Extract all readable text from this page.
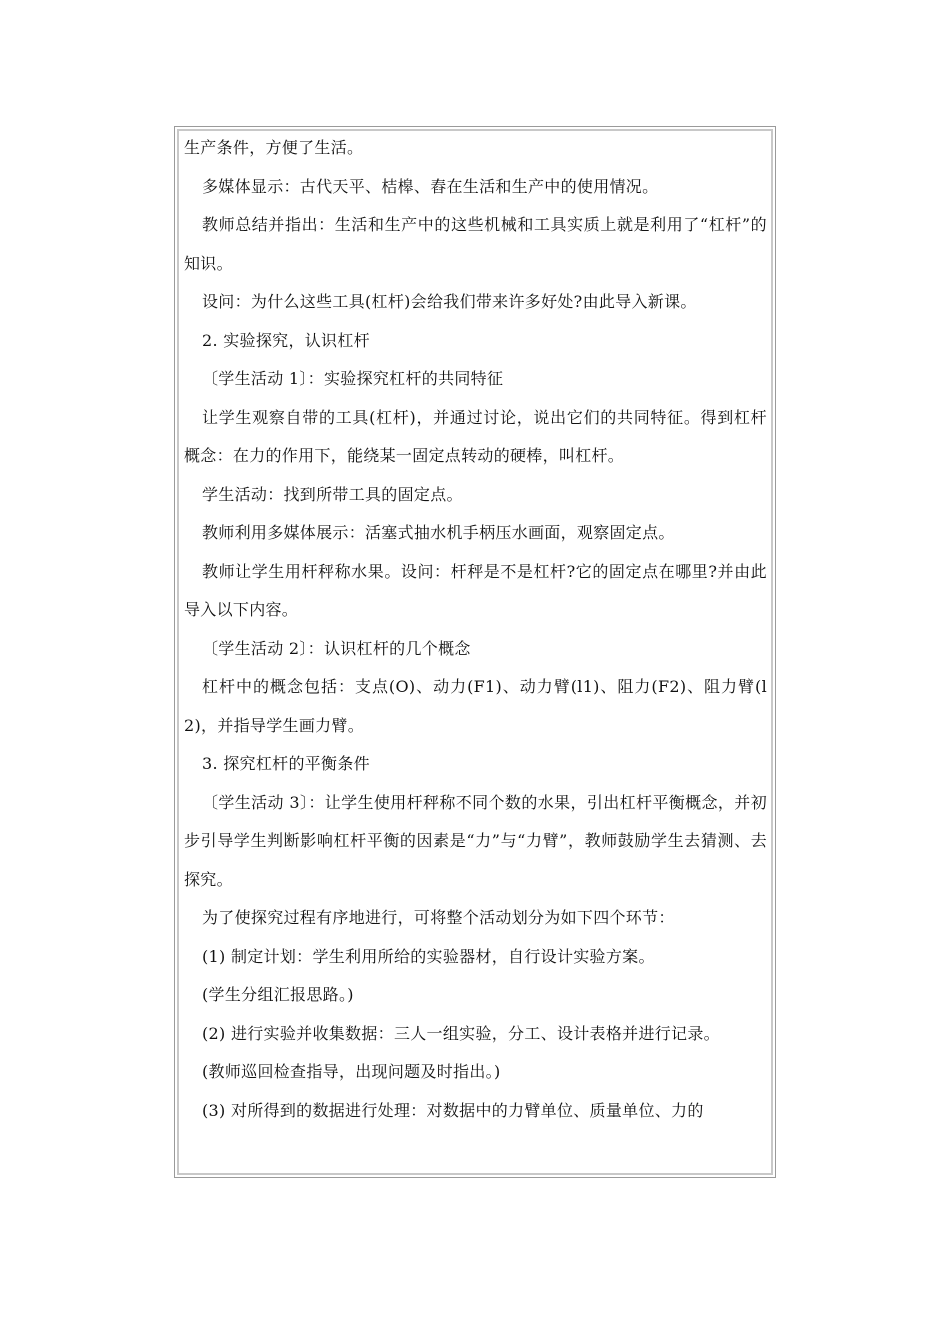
生产条件，方便了生活。

多媒体显示：古代天平、桔槔、舂在生活和生产中的使用情况。

教师总结并指出：生活和生产中的这些机械和工具实质上就是利用了“杠杆”的知识。

设问：为什么这些工具(杠杆)会给我们带来许多好处?由此导入新课。

2. 实验探究，认识杠杆

〔学生活动 1〕：实验探究杠杆的共同特征

让学生观察自带的工具(杠杆)，并通过讨论，说出它们的共同特征。得到杠杆概念：在力的作用下，能绕某一固定点转动的硬棒，叫杠杆。

学生活动：找到所带工具的固定点。

教师利用多媒体展示：活塞式抽水机手柄压水画面，观察固定点。

教师让学生用杆秤称水果。设问：杆秤是不是杠杆?它的固定点在哪里?并由此导入以下内容。

〔学生活动 2〕：认识杠杆的几个概念

杠杆中的概念包括：支点(O)、动力(F1)、动力臂(l1)、阻力(F2)、阻力臂(l2)，并指导学生画力臂。

3. 探究杠杆的平衡条件

〔学生活动 3〕：让学生使用杆秤称不同个数的水果，引出杠杆平衡概念，并初步引导学生判断影响杠杆平衡的因素是“力”与“力臂”，教师鼓励学生去猜测、去探究。

为了使探究过程有序地进行，可将整个活动划分为如下四个环节：

(1) 制定计划：学生利用所给的实验器材，自行设计实验方案。

(学生分组汇报思路。)

(2) 进行实验并收集数据：三人一组实验，分工、设计表格并进行记录。

(教师巡回检查指导，出现问题及时指出。)

(3) 对所得到的数据进行处理：对数据中的力臂单位、质量单位、力的
